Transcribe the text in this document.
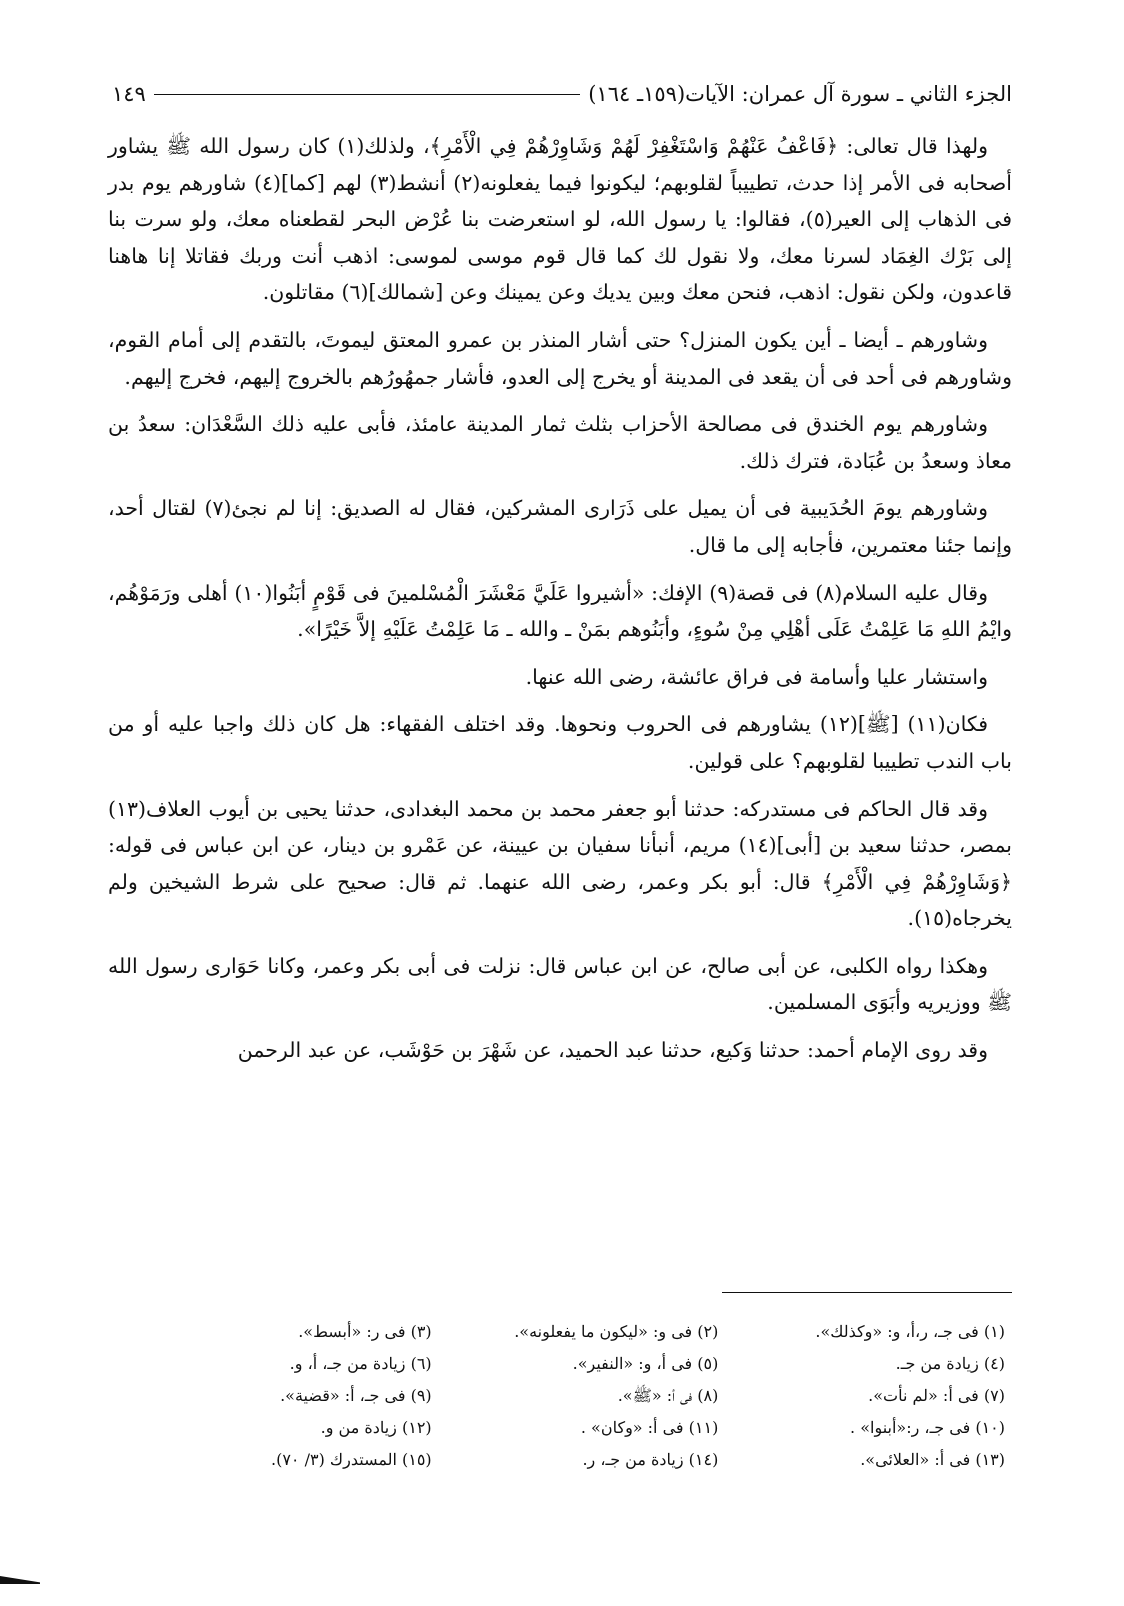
الجزء الثاني ـ سورة آل عمران: الآيات(١٥٩ـ ١٦٤)
١٤٩

ولهذا قال تعالى: ﴿فَاعْفُ عَنْهُمْ وَاسْتَغْفِرْ لَهُمْ وَشَاوِرْهُمْ فِي الْأَمْرِ﴾، ولذلك(١) كان رسول الله ﷺ يشاور أصحابه فى الأمر إذا حدث، تطييباً لقلوبهم؛ ليكونوا فيما يفعلونه(٢) أنشط(٣) لهم [كما](٤) شاورهم يوم بدر فى الذهاب إلى العير(٥)، فقالوا: يا رسول الله، لو استعرضت بنا عُرْض البحر لقطعناه معك، ولو سرت بنا إلى بَرْك الغِمَاد لسرنا معك، ولا نقول لك كما قال قوم موسى لموسى: اذهب أنت وربك فقاتلا إنا هاهنا قاعدون، ولكن نقول: اذهب، فنحن معك وبين يديك وعن يمينك وعن [شمالك](٦) مقاتلون.

وشاورهم ـ أيضا ـ أين يكون المنزل؟ حتى أشار المنذر بن عمرو المعتق ليموتَ، بالتقدم إلى أمام القوم، وشاورهم فى أحد فى أن يقعد فى المدينة أو يخرج إلى العدو، فأشار جمهُورُهم بالخروج إليهم، فخرج إليهم.

وشاورهم يوم الخندق فى مصالحة الأحزاب بثلث ثمار المدينة عامئذ، فأبى عليه ذلك السَّعْدَان: سعدُ بن معاذ وسعدُ بن عُبَادة، فترك ذلك.

وشاورهم يومَ الحُدَيبية فى أن يميل على ذَرَارى المشركين، فقال له الصديق: إنا لم نجئ(٧) لقتال أحد، وإنما جئنا معتمرين، فأجابه إلى ما قال.

وقال عليه السلام(٨) فى قصة(٩) الإفك: «أشيروا عَلَيَّ مَعْشَرَ الْمُسْلمينَ فى قَوْمٍ أبَنُوا(١٠) أهلى ورَمَوْهُم، وايْمُ اللهِ مَا عَلِمْتُ عَلَى أهْلِي مِنْ سُوءٍ، وأبَنُوهم بمَنْ ـ والله ـ مَا عَلِمْتُ عَلَيْهِ إلاَّ خَيْرًا».

واستشار عليا وأسامة فى فراق عائشة، رضى الله عنها.

فكان(١١) [ﷺ](١٢) يشاورهم فى الحروب ونحوها. وقد اختلف الفقهاء: هل كان ذلك واجبا عليه أو من باب الندب تطييبا لقلوبهم؟ على قولين.

وقد قال الحاكم فى مستدركه: حدثنا أبو جعفر محمد بن محمد البغدادى، حدثنا يحيى بن أيوب العلاف(١٣) بمصر، حدثنا سعيد بن [أبى](١٤) مريم، أنبأنا سفيان بن عيينة، عن عَمْرو بن دينار، عن ابن عباس فى قوله: ﴿وَشَاوِرْهُمْ فِي الْأَمْرِ﴾ قال: أبو بكر وعمر، رضى الله عنهما. ثم قال: صحيح على شرط الشيخين ولم يخرجاه(١٥).

وهكذا رواه الكلبى، عن أبى صالح، عن ابن عباس قال: نزلت فى أبى بكر وعمر، وكانا حَوَارى رسول الله ﷺ ووزيريه وأبَوَى المسلمين.

وقد روى الإمام أحمد: حدثنا وَكيع، حدثنا عبد الحميد، عن شَهْرَ بن حَوْشَب، عن عبد الرحمن

(١) فى جـ، ر،أ، و: «وكذلك».
(٢) فى و: «ليكون ما يفعلونه».
(٣) فى ر: «أبسط».
(٤) زيادة من جـ.
(٥) فى أ، و: «النفير».
(٦) زيادة من جـ، أ، و.
(٧) فى أ: «لم نأت».
(٨) فى أ: «ﷺ».
(٩) فى جـ، أ: «قضية».
(١٠) فى جـ، ر:«أبنوا» .
(١١) فى أ: «وكان» .
(١٢) زيادة من و.
(١٣) فى أ: «العلائى».
(١٤) زيادة من جـ، ر.
(١٥) المستدرك (٣/ ٧٠).
